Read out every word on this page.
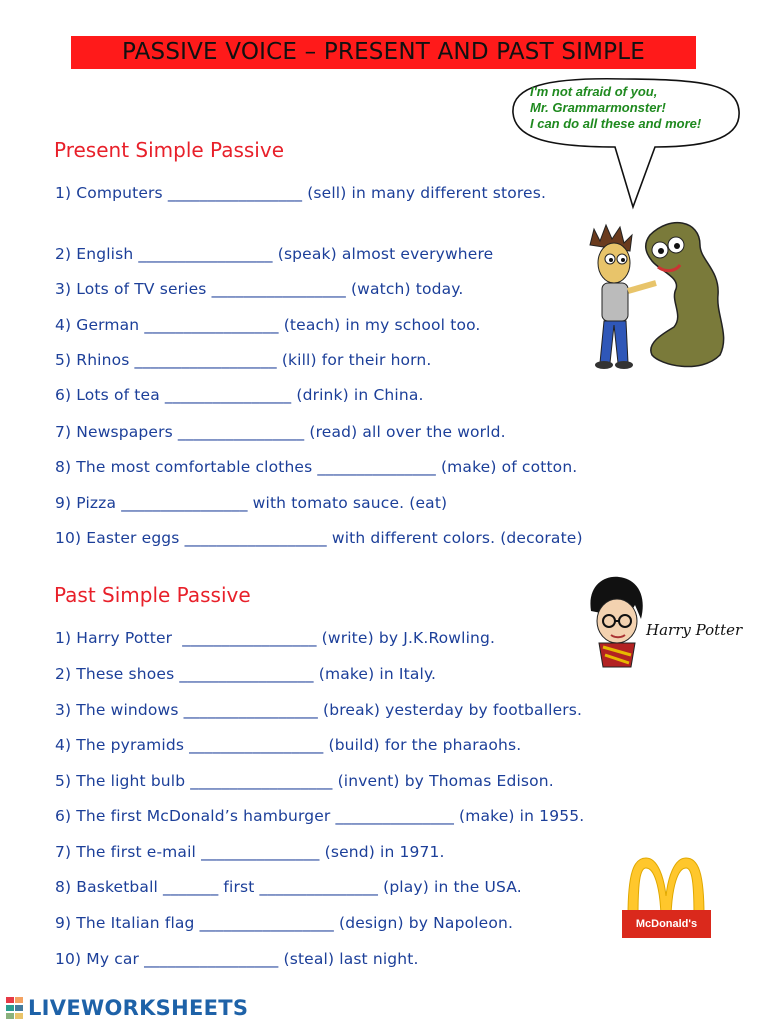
PASSIVE VOICE – PRESENT AND PAST SIMPLE
I'm not afraid of you,
Mr. Grammarmonster!
I can do all these and more!
Present Simple Passive
1) Computers _________________ (sell) in many different stores.
2) English _________________ (speak) almost everywhere
3) Lots of TV series _________________ (watch) today.
4) German _________________ (teach) in my school too.
5) Rhinos __________________ (kill) for their horn.
6) Lots of tea ________________ (drink) in China.
7) Newspapers ________________ (read) all over the world.
8) The most comfortable clothes _______________ (make) of cotton.
9) Pizza ________________ with tomato sauce. (eat)
10) Easter eggs __________________ with different colors. (decorate)
Past Simple Passive
1) Harry Potter  _________________ (write) by J.K.Rowling.
2) These shoes _________________ (make) in Italy.
3) The windows _________________ (break) yesterday by footballers.
4) The pyramids _________________ (build) for the pharaohs.
5) The light bulb __________________ (invent) by Thomas Edison.
6) The first McDonald’s hamburger _______________ (make) in 1955.
7) The first e-mail _______________ (send) in 1971.
8) Basketball _______ first _______________ (play) in the USA.
9) The Italian flag _________________ (design) by Napoleon.
10) My car _________________ (steal) last night.
Harry Potter
McDonald's
LIVEWORKSHEETS
